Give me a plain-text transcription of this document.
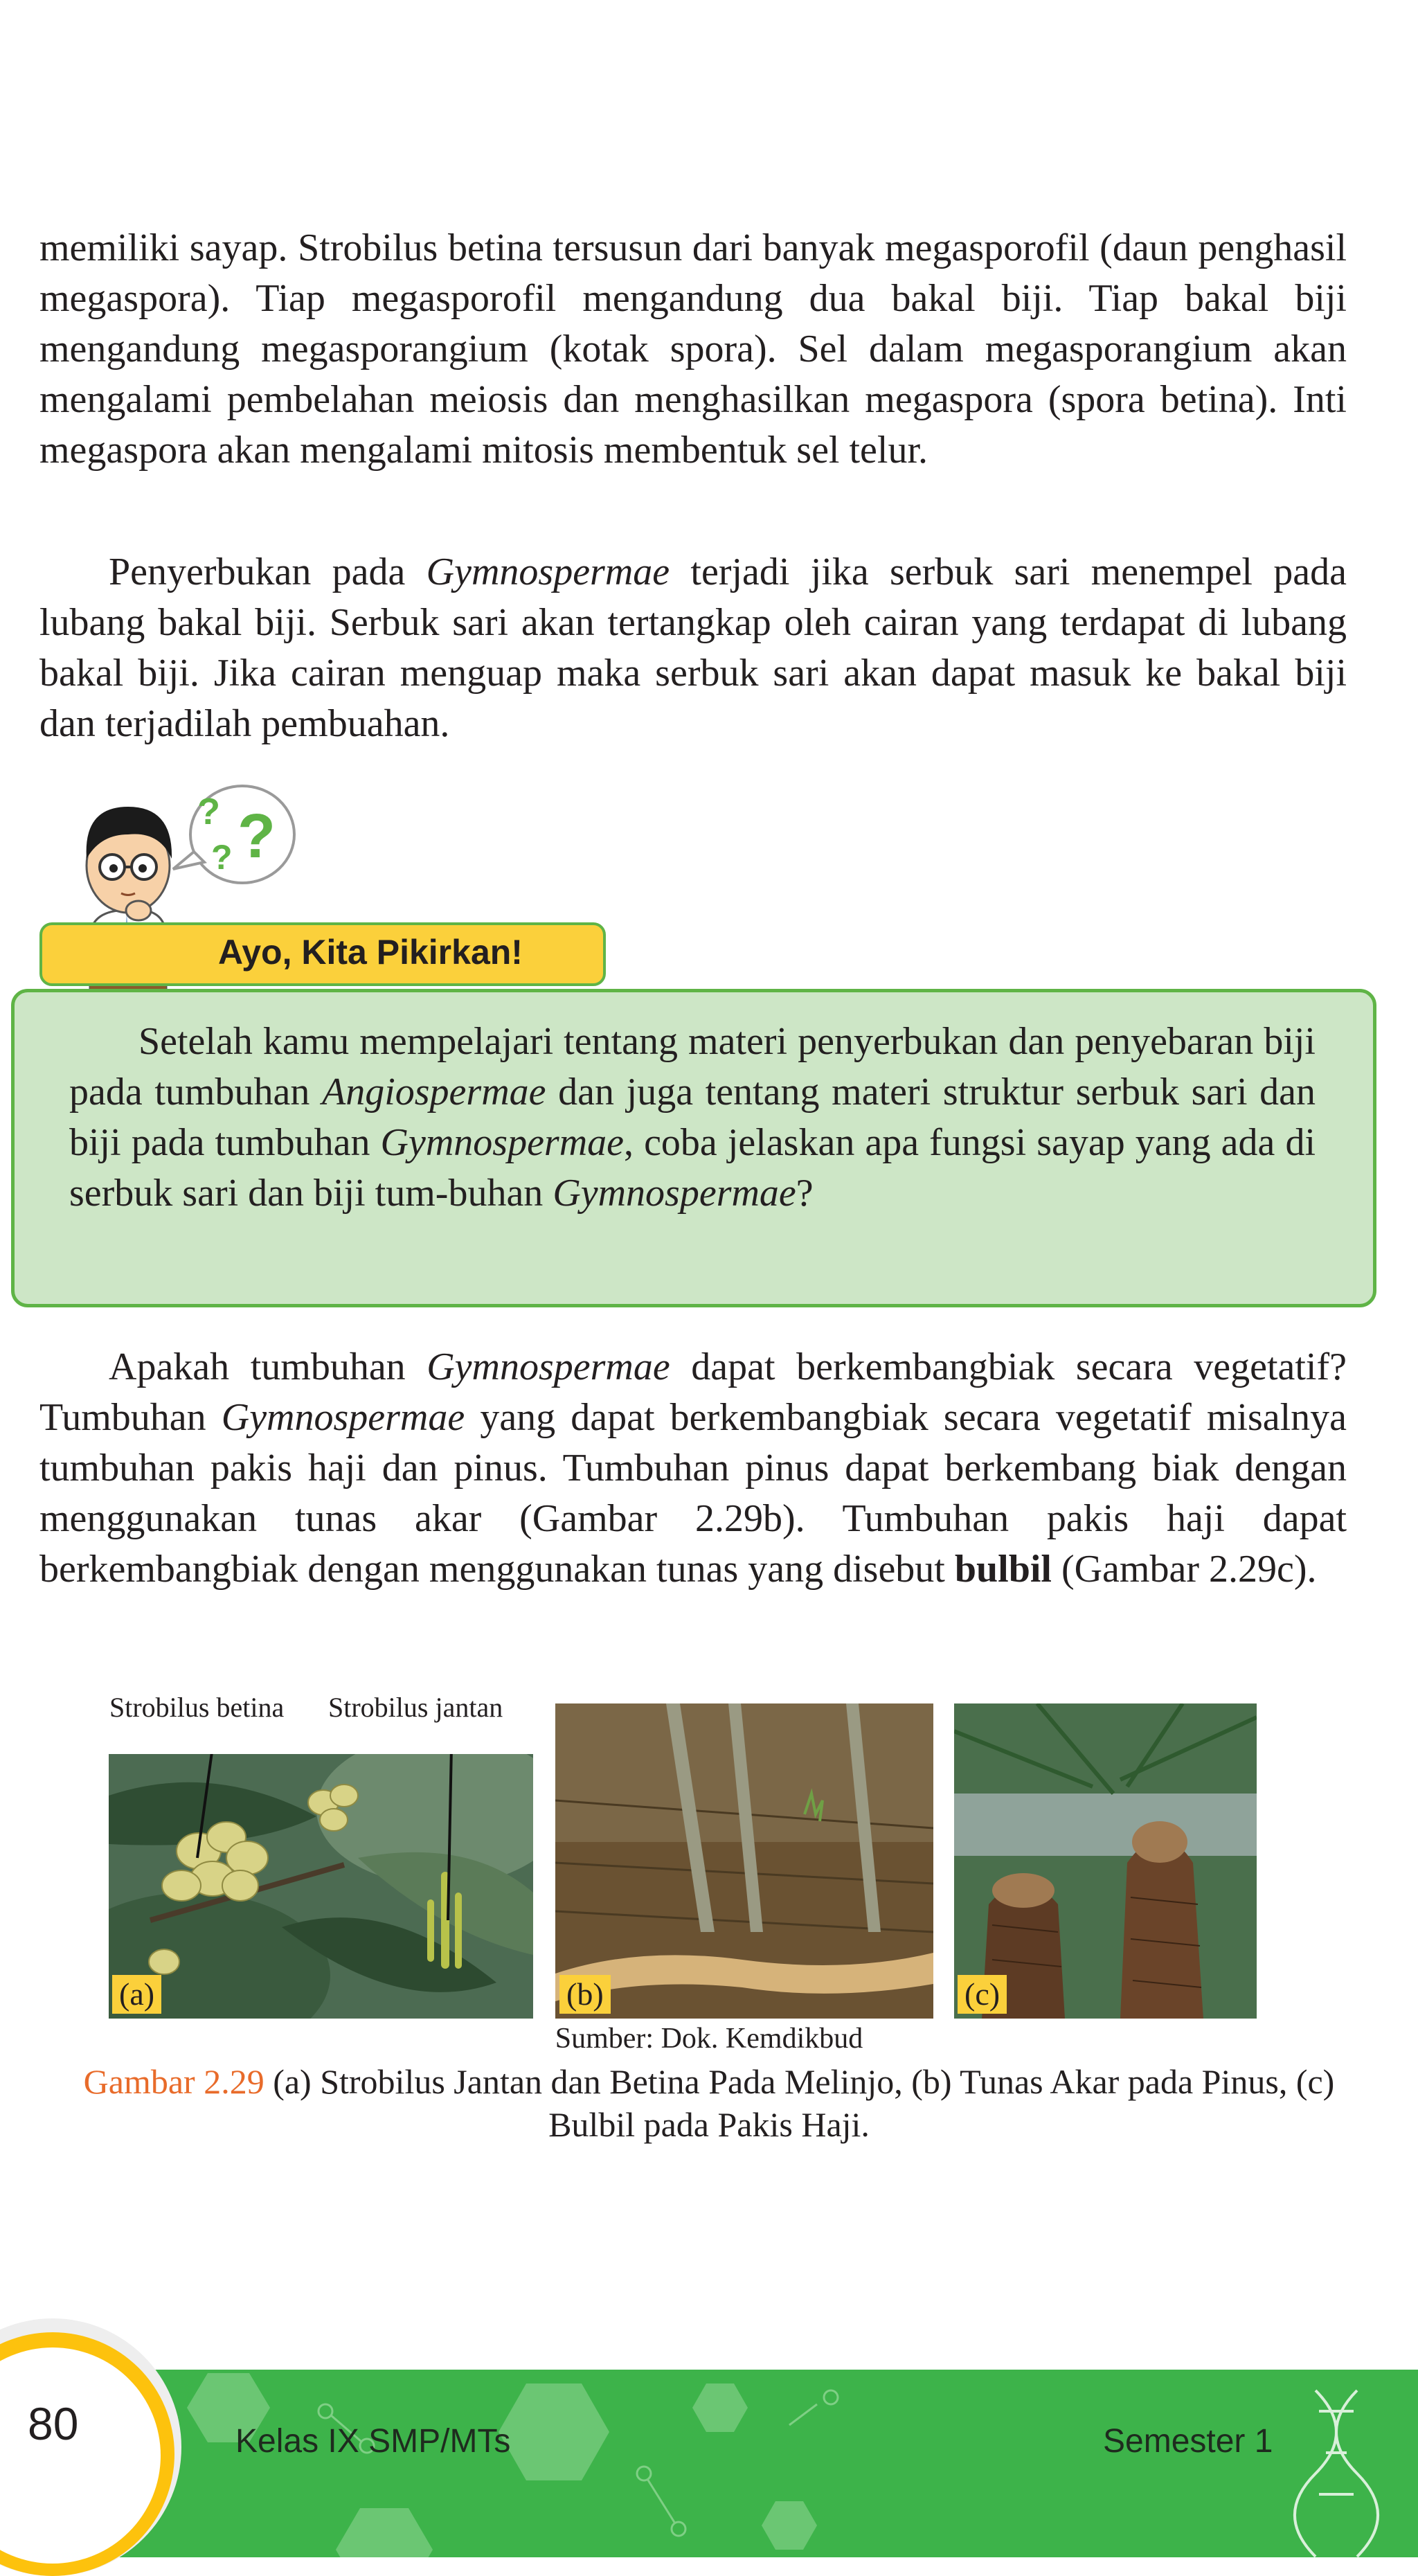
memiliki sayap. Strobilus betina tersusun dari banyak megasporofil (daun penghasil megaspora). Tiap megasporofil mengandung dua bakal biji. Tiap bakal biji mengandung megasporangium (kotak spora). Sel dalam megasporangium akan mengalami pembelahan meiosis dan menghasilkan megaspora (spora betina). Inti megaspora akan mengalami mitosis membentuk sel telur.

Penyerbukan pada Gymnospermae terjadi jika serbuk sari menempel pada lubang bakal biji. Serbuk sari akan tertangkap oleh cairan yang terdapat di lubang bakal biji. Jika cairan menguap maka serbuk sari akan dapat masuk ke bakal biji dan terjadilah pembuahan.

?
? ?
Ayo, Kita Pikirkan!

Setelah kamu mempelajari tentang materi penyerbukan dan penyebaran biji pada tumbuhan Angiospermae dan juga tentang materi struktur serbuk sari dan biji pada tumbuhan Gymnospermae, coba jelaskan apa fungsi sayap yang ada di serbuk sari dan biji tum-buhan Gymnospermae?

Apakah tumbuhan Gymnospermae dapat berkembangbiak secara vegetatif? Tumbuhan Gymnospermae yang dapat berkembangbiak secara vegetatif misalnya tumbuhan pakis haji dan pinus. Tumbuhan pinus dapat berkembang biak dengan menggunakan tunas akar (Gambar 2.29b). Tumbuhan pakis haji dapat berkembangbiak dengan menggunakan tunas yang disebut bulbil (Gambar 2.29c).

Strobilus betina Strobilus jantan
(a)	(b)	(c)
Sumber: Dok. Kemdikbud
Gambar 2.29 (a) Strobilus Jantan dan Betina Pada Melinjo, (b) Tunas Akar pada Pinus, (c) Bulbil pada Pakis Haji.
80	Kelas IX SMP/MTs	Semester 1
